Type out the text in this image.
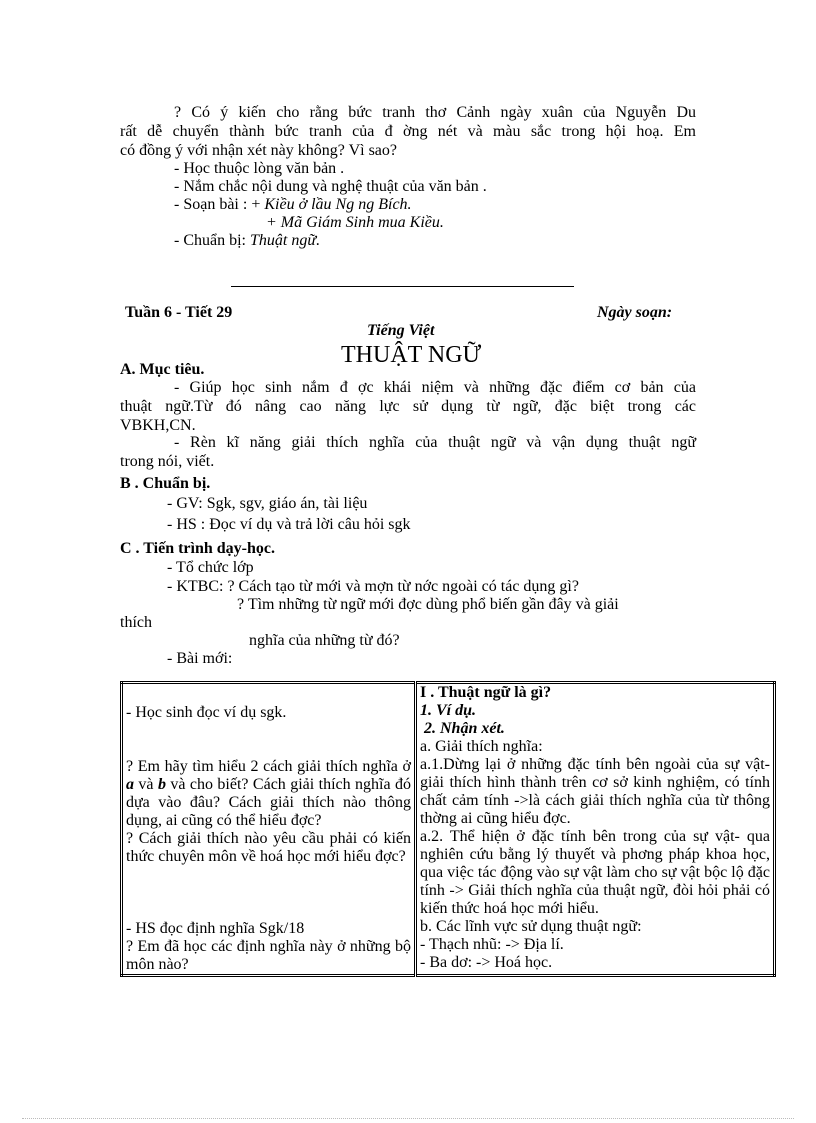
? Có ý kiến cho rằng bức tranh thơ Cảnh ngày xuân của Nguyễn Du
rất dễ chuyển thành bức tranh của đ ờng nét và màu sắc trong hội hoạ. Em
có đồng ý với nhận xét này không? Vì sao?
- Học thuộc lòng văn bản .
- Nắm chắc nội dung và nghệ thuật của văn bản .
- Soạn bài : + Kiều ở lầu Ng ng Bích.
+ Mã Giám Sinh mua Kiều.
- Chuẩn bị: Thuật ngữ.
Tuần 6 - Tiết 29	Ngày soạn:
Tiếng Việt
THUẬT NGỮ
A. Mục tiêu.
- Giúp học sinh nắm đ ợc khái niệm và những đặc điểm cơ bản của
thuật ngữ.Từ đó nâng cao năng lực sử dụng từ ngữ, đặc biệt trong các
VBKH,CN.
- Rèn kĩ năng giải thích nghĩa của thuật ngữ và vận dụng thuật ngữ
trong nói, viết.
B . Chuẩn bị.
- GV: Sgk, sgv, giáo án, tài liệu
- HS : Đọc ví dụ và trả lời câu hỏi sgk
C . Tiến trình dạy-học.
- Tổ chức lớp
- KTBC: ? Cách tạo từ mới và mợn từ nớc ngoài có tác dụng gì?
? Tìm những từ ngữ mới đợc dùng phổ biến gần đây và giải
thích
nghĩa của những từ đó?
- Bài mới:
- Học sinh đọc ví dụ sgk.
? Em hãy tìm hiểu 2 cách giải thích nghĩa ở a và b và cho biết? Cách giải thích nghĩa đó dựa vào đâu? Cách giải thích nào thông dụng, ai cũng có thể hiểu đợc?
? Cách giải thích nào yêu cầu phải có kiến thức chuyên môn về hoá học mới hiểu đợc?
- HS đọc định nghĩa Sgk/18
? Em đã học các định nghĩa này ở những bộ môn nào?

I . Thuật ngữ là gì?
1. Ví dụ.
2. Nhận xét.
a. Giải thích nghĩa:
a.1.Dừng lại ở những đặc tính bên ngoài của sự vật- giải thích hình thành trên cơ sở kinh nghiệm, có tính chất cảm tính ->là cách giải thích nghĩa của từ thông thờng ai cũng hiểu đợc.
a.2. Thể hiện ở đặc tính bên trong của sự vật- qua nghiên cứu bằng lý thuyết và phơng pháp khoa học, qua việc tác động vào sự vật làm cho sự vật bộc lộ đặc tính -> Giải thích nghĩa của thuật ngữ, đòi hỏi phải có kiến thức hoá học mới hiểu.
b. Các lĩnh vực sử dụng thuật ngữ:
- Thạch nhũ: -> Địa lí.
- Ba dơ: -> Hoá học.
